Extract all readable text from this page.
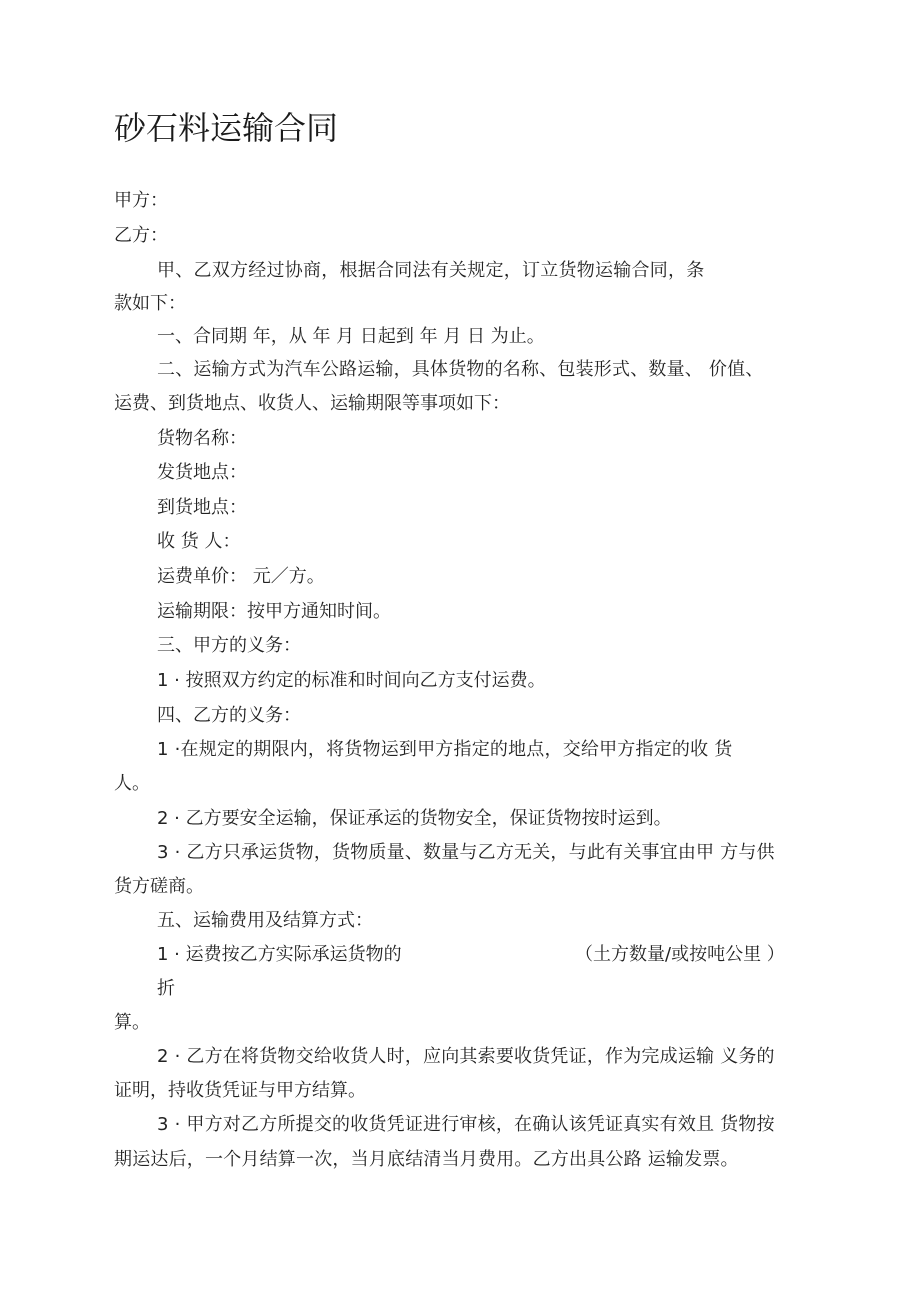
砂石料运输合同
甲方：
乙方：
甲、乙双方经过协商，根据合同法有关规定，订立货物运输合同，条
款如下：
一、合同期 年，从 年 月 日起到 年 月 日 为止。
二、运输方式为汽车公路运输，具体货物的名称、包装形式、数量、 价值、
运费、到货地点、收货人、运输期限等事项如下：
货物名称：
发货地点：
到货地点：
收 货 人：
运费单价： 元／方。
运输期限：按甲方通知时间。
三、甲方的义务：
1 · 按照双方约定的标准和时间向乙方支付运费。
四、乙方的义务：
1 ·在规定的期限内，将货物运到甲方指定的地点，交给甲方指定的收 货
人。
2 · 乙方要安全运输，保证承运的货物安全，保证货物按时运到。
3 · 乙方只承运货物，货物质量、数量与乙方无关，与此有关事宜由甲 方与供
货方磋商。
五、运输费用及结算方式：
1 · 运费按乙方实际承运货物的	（土方数量/或按吨公里 ）
折
算。
2 · 乙方在将货物交给收货人时，应向其索要收货凭证，作为完成运输 义务的
证明，持收货凭证与甲方结算。
3 · 甲方对乙方所提交的收货凭证进行审核，在确认该凭证真实有效且 货物按
期运达后，一个月结算一次，当月底结清当月费用。乙方出具公路 运输发票。
